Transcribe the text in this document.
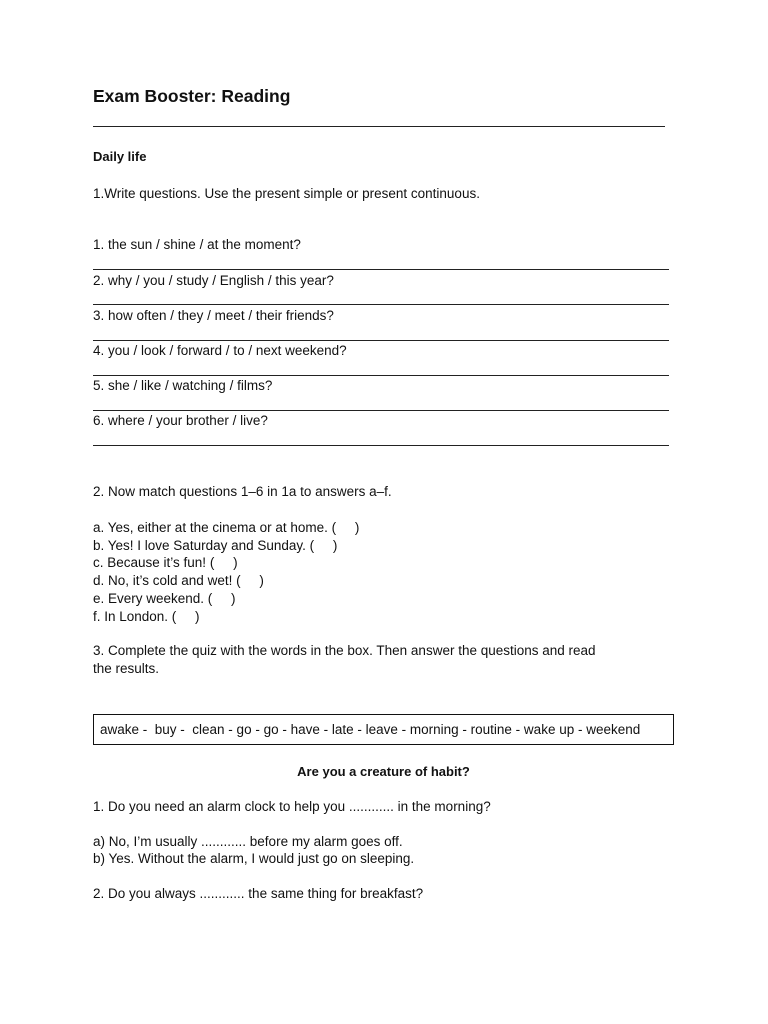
Exam Booster: Reading
Daily life
1.Write questions. Use the present simple or present continuous.
1. the sun / shine / at the moment?
2. why / you / study / English / this year?
3. how often / they / meet / their friends?
4. you / look / forward / to / next weekend?
5. she / like / watching / films?
6. where / your brother / live?
2. Now match questions 1–6 in 1a to answers a–f.
a. Yes, either at the cinema or at home. (     )
b. Yes! I love Saturday and Sunday. (     )
c. Because it’s fun! (     )
d. No, it’s cold and wet! (     )
e. Every weekend. (     )
f. In London. (     )
3. Complete the quiz with the words in the box. Then answer the questions and read
the results.
awake -  buy -  clean - go - go - have - late - leave - morning - routine - wake up - weekend
Are you a creature of habit?
1. Do you need an alarm clock to help you ............ in the morning?
a) No, I’m usually ............ before my alarm goes off.
b) Yes. Without the alarm, I would just go on sleeping.
2. Do you always ............ the same thing for breakfast?
